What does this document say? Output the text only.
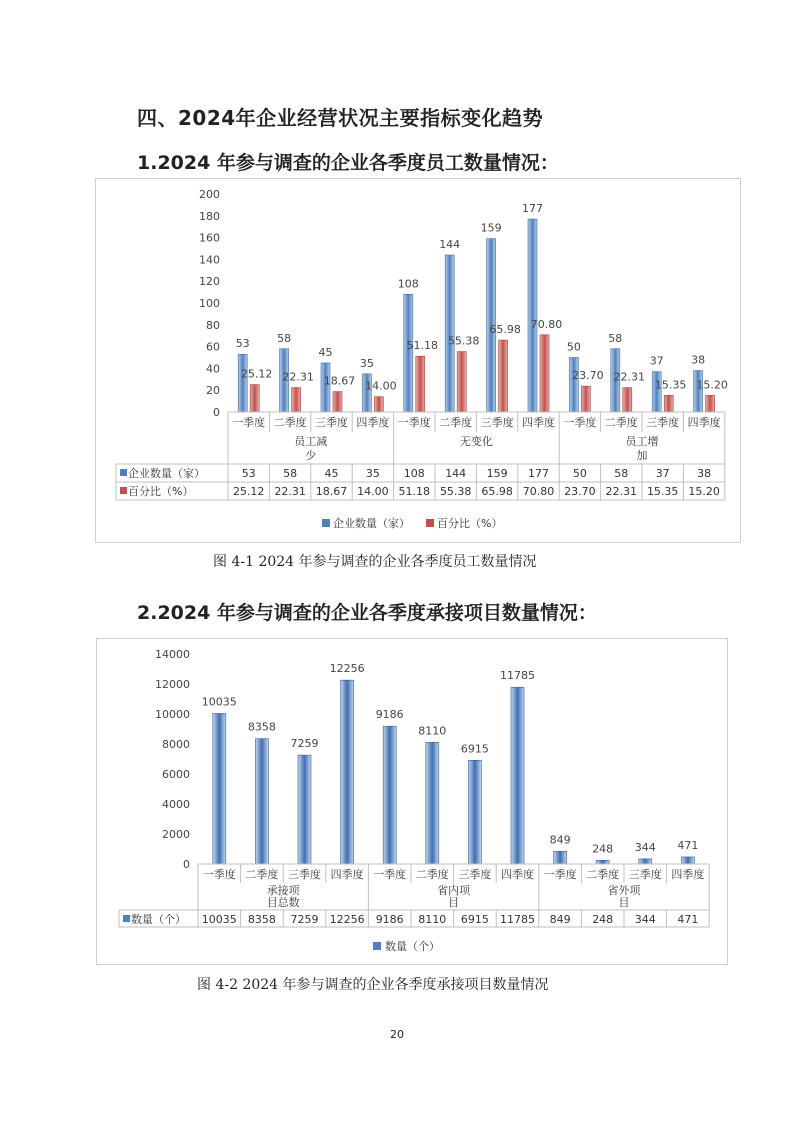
四、2024年企业经营状况主要指标变化趋势
1.2024 年参与调查的企业各季度员工数量情况：
0
20
40
60
80
100
120
140
160
180
200
53 58
45
35
108
144
159
177
50
58
37 38
25.12 22.31 18.67 14.00
51.18 55.38
65.98 70.80
23.70 22.31
15.35 15.20
一季度 二季度 三季度 四季度 一季度 二季度 三季度 四季度 一季度 二季度 三季度 四季度
员工减
少
无变化	员工增
加
企业数量（家）	53 58 45 35 108 144 159 177 50 58 37 38
百分比（%）	25.12 22.31 18.67 14.00 51.18 55.38 65.98 70.80 23.70 22.31 15.35 15.20
企业数量（家） 百分比（%）
图 4-1 2024 年参与调查的企业各季度员工数量情况
2.2024 年参与调查的企业各季度承接项目数量情况：
0
2000
4000
6000
8000
10000
12000
14000
10035
8358
7259
12256
9186
8110
6915
11785
849
248 344 471
一季度 二季度 三季度 四季度 一季度 二季度 三季度 四季度 一季度 二季度 三季度 四季度
承接项
目总数
省内项
目
省外项
目
数量（个） 10035 8358 7259 12256 9186 8110 6915 11785 849 248 344 471
数量（个）
图 4-2 2024 年参与调查的企业各季度承接项目数量情况
20
